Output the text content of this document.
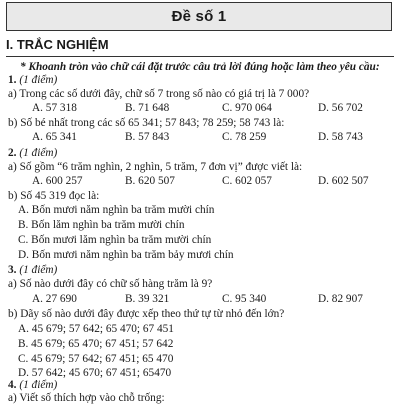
Đề số 1
I. TRẮC NGHIỆM
* Khoanh tròn vào chữ cái đặt trước câu trả lời đúng hoặc làm theo yêu cầu:
1. (1 điểm)
a) Trong các số dưới đây, chữ số 7 trong số nào có giá trị là 7 000?
A. 57 318	B. 71 648	C. 970 064	D. 56 702
b) Số bé nhất trong các số 65 341; 57 843; 78 259; 58 743 là:
A. 65 341	B. 57 843	C. 78 259	D. 58 743
2. (1 điểm)
a) Số gồm “6 trăm nghìn, 2 nghìn, 5 trăm, 7 đơn vị” được viết là:
A. 600 257	B. 620 507	C. 602 057	D. 602 507
b) Số 45 319 đọc là:
A. Bốn mươi năm nghìn ba trăm mười chín
B. Bốn lăm nghìn ba trăm mười chín
C. Bốn mươi lăm nghìn ba trăm mười chín
D. Bốn mươi năm nghìn ba trăm bảy mươi chín
3. (1 điểm)
a) Số nào dưới đây có chữ số hàng trăm là 9?
A. 27 690	B. 39 321	C. 95 340	D. 82 907
b) Dãy số nào dưới đây được xếp theo thứ tự từ nhỏ đến lớn?
A. 45 679; 57 642; 65 470; 67 451
B. 45 679; 65 470; 67 451; 57 642
C. 45 679; 57 642; 67 451; 65 470
D. 57 642; 45 670; 67 451; 65470
4. (1 điểm)
a) Viết số thích hợp vào chỗ trống:
